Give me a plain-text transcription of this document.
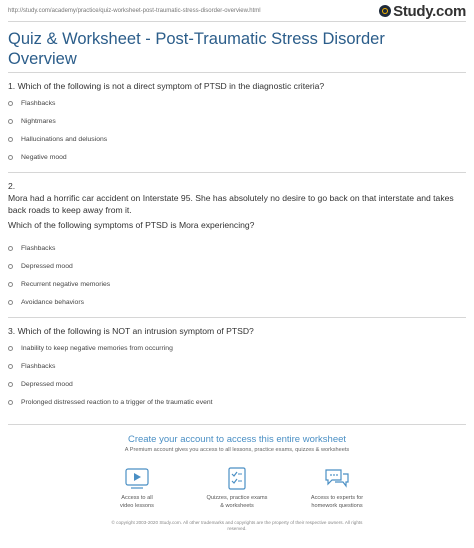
http://study.com/academy/practice/quiz-worksheet-post-traumatic-stress-disorder-overview.html	Study.com
Quiz & Worksheet - Post-Traumatic Stress Disorder Overview
1. Which of the following is not a direct symptom of PTSD in the diagnostic criteria?
Flashbacks
Nightmares
Hallucinations and delusions
Negative mood
2.
Mora had a horrific car accident on Interstate 95. She has absolutely no desire to go back on that interstate and takes back roads to keep away from it.
Which of the following symptoms of PTSD is Mora experiencing?
Flashbacks
Depressed mood
Recurrent negative memories
Avoidance behaviors
3. Which of the following is NOT an intrusion symptom of PTSD?
Inability to keep negative memories from occurring
Flashbacks
Depressed mood
Prolonged distressed reaction to a trigger of the traumatic event
Create your account to access this entire worksheet
A Premium account gives you access to all lessons, practice exams, quizzes & worksheets
Access to all
video lessons
Quizzes, practice exams
& worksheets
Access to experts for
homework questions
© copyright 2003-2020 Study.com. All other trademarks and copyrights are the property of their respective owners. All rights
reserved.
